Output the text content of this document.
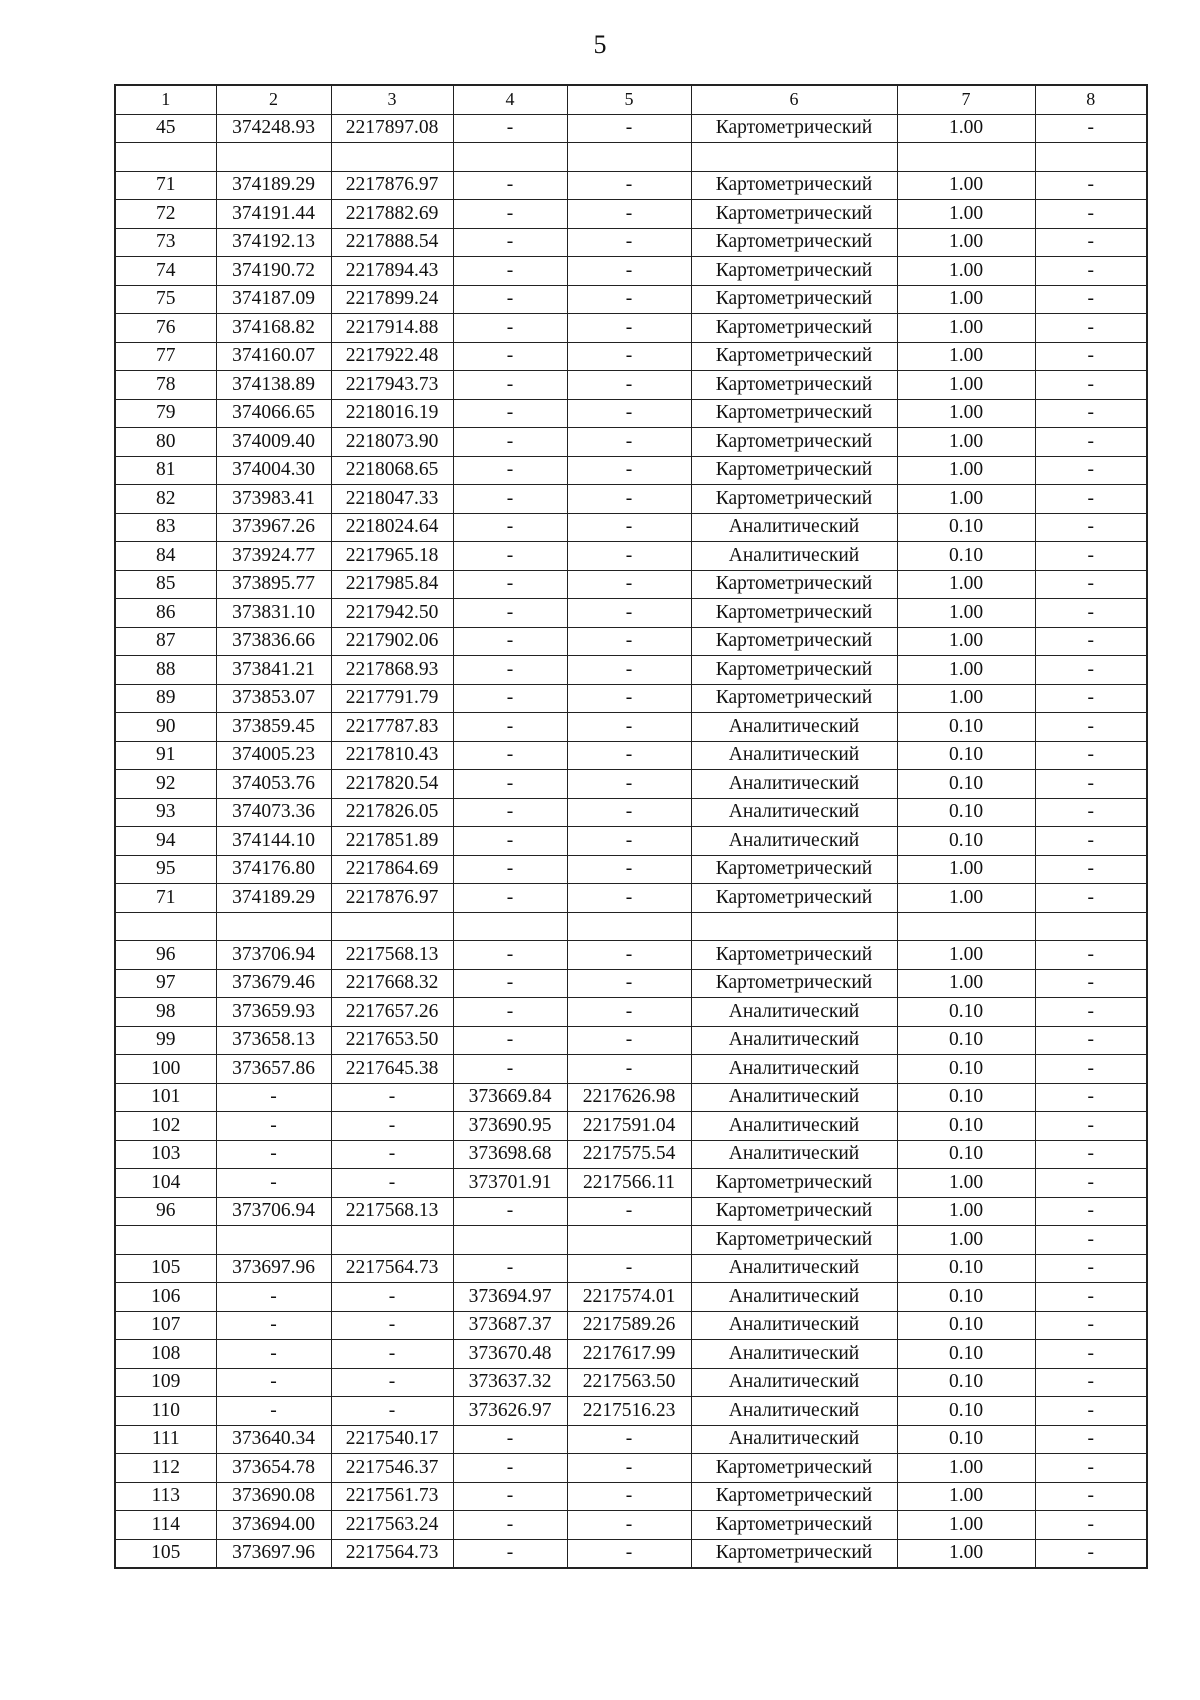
5
1	2	3	4	5	6	7	8
45	374248.93	2217897.08	-	-	Картометрический	1.00	-

71	374189.29	2217876.97	-	-	Картометрический	1.00	-
72	374191.44	2217882.69	-	-	Картометрический	1.00	-
73	374192.13	2217888.54	-	-	Картометрический	1.00	-
74	374190.72	2217894.43	-	-	Картометрический	1.00	-
75	374187.09	2217899.24	-	-	Картометрический	1.00	-
76	374168.82	2217914.88	-	-	Картометрический	1.00	-
77	374160.07	2217922.48	-	-	Картометрический	1.00	-
78	374138.89	2217943.73	-	-	Картометрический	1.00	-
79	374066.65	2218016.19	-	-	Картометрический	1.00	-
80	374009.40	2218073.90	-	-	Картометрический	1.00	-
81	374004.30	2218068.65	-	-	Картометрический	1.00	-
82	373983.41	2218047.33	-	-	Картометрический	1.00	-
83	373967.26	2218024.64	-	-	Аналитический	0.10	-
84	373924.77	2217965.18	-	-	Аналитический	0.10	-
85	373895.77	2217985.84	-	-	Картометрический	1.00	-
86	373831.10	2217942.50	-	-	Картометрический	1.00	-
87	373836.66	2217902.06	-	-	Картометрический	1.00	-
88	373841.21	2217868.93	-	-	Картометрический	1.00	-
89	373853.07	2217791.79	-	-	Картометрический	1.00	-
90	373859.45	2217787.83	-	-	Аналитический	0.10	-
91	374005.23	2217810.43	-	-	Аналитический	0.10	-
92	374053.76	2217820.54	-	-	Аналитический	0.10	-
93	374073.36	2217826.05	-	-	Аналитический	0.10	-
94	374144.10	2217851.89	-	-	Аналитический	0.10	-
95	374176.80	2217864.69	-	-	Картометрический	1.00	-
71	374189.29	2217876.97	-	-	Картометрический	1.00	-

96	373706.94	2217568.13	-	-	Картометрический	1.00	-
97	373679.46	2217668.32	-	-	Картометрический	1.00	-
98	373659.93	2217657.26	-	-	Аналитический	0.10	-
99	373658.13	2217653.50	-	-	Аналитический	0.10	-
100	373657.86	2217645.38	-	-	Аналитический	0.10	-
101	-	-	373669.84	2217626.98	Аналитический	0.10	-
102	-	-	373690.95	2217591.04	Аналитический	0.10	-
103	-	-	373698.68	2217575.54	Аналитический	0.10	-
104	-	-	373701.91	2217566.11	Картометрический	1.00	-
96	373706.94	2217568.13	-	-	Картометрический	1.00	-
					Картометрический	1.00	-
105	373697.96	2217564.73	-	-	Аналитический	0.10	-
106	-	-	373694.97	2217574.01	Аналитический	0.10	-
107	-	-	373687.37	2217589.26	Аналитический	0.10	-
108	-	-	373670.48	2217617.99	Аналитический	0.10	-
109	-	-	373637.32	2217563.50	Аналитический	0.10	-
110	-	-	373626.97	2217516.23	Аналитический	0.10	-
111	373640.34	2217540.17	-	-	Аналитический	0.10	-
112	373654.78	2217546.37	-	-	Картометрический	1.00	-
113	373690.08	2217561.73	-	-	Картометрический	1.00	-
114	373694.00	2217563.24	-	-	Картометрический	1.00	-
105	373697.96	2217564.73	-	-	Картометрический	1.00	-
